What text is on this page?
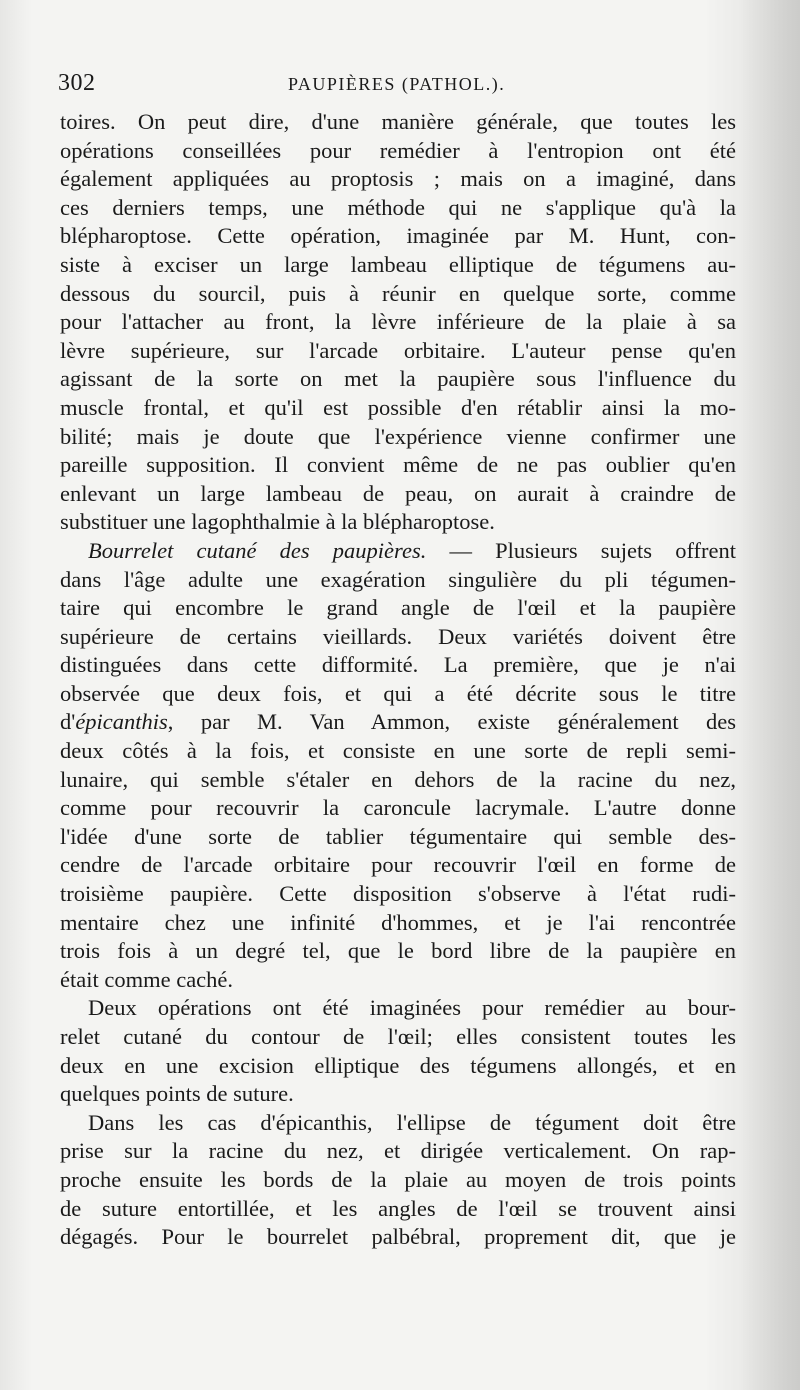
302	PAUPIÈRES (PATHOL.).
toires. On peut dire, d'une manière générale, que toutes les
opérations conseillées pour remédier à l'entropion ont été
également appliquées au proptosis ; mais on a imaginé, dans
ces derniers temps, une méthode qui ne s'applique qu'à la
blépharoptose. Cette opération, imaginée par M. Hunt, con-
siste à exciser un large lambeau elliptique de tégumens au-
dessous du sourcil, puis à réunir en quelque sorte, comme
pour l'attacher au front, la lèvre inférieure de la plaie à sa
lèvre supérieure, sur l'arcade orbitaire. L'auteur pense qu'en
agissant de la sorte on met la paupière sous l'influence du
muscle frontal, et qu'il est possible d'en rétablir ainsi la mo-
bilité; mais je doute que l'expérience vienne confirmer une
pareille supposition. Il convient même de ne pas oublier qu'en
enlevant un large lambeau de peau, on aurait à craindre de
substituer une lagophthalmie à la blépharoptose.
Bourrelet cutané des paupières. — Plusieurs sujets offrent
dans l'âge adulte une exagération singulière du pli tégumen-
taire qui encombre le grand angle de l'œil et la paupière
supérieure de certains vieillards. Deux variétés doivent être
distinguées dans cette difformité. La première, que je n'ai
observée que deux fois, et qui a été décrite sous le titre
d'épicanthis, par M. Van Ammon, existe généralement des
deux côtés à la fois, et consiste en une sorte de repli semi-
lunaire, qui semble s'étaler en dehors de la racine du nez,
comme pour recouvrir la caroncule lacrymale. L'autre donne
l'idée d'une sorte de tablier tégumentaire qui semble des-
cendre de l'arcade orbitaire pour recouvrir l'œil en forme de
troisième paupière. Cette disposition s'observe à l'état rudi-
mentaire chez une infinité d'hommes, et je l'ai rencontrée
trois fois à un degré tel, que le bord libre de la paupière en
était comme caché.
Deux opérations ont été imaginées pour remédier au bour-
relet cutané du contour de l'œil; elles consistent toutes les
deux en une excision elliptique des tégumens allongés, et en
quelques points de suture.
Dans les cas d'épicanthis, l'ellipse de tégument doit être
prise sur la racine du nez, et dirigée verticalement. On rap-
proche ensuite les bords de la plaie au moyen de trois points
de suture entortillée, et les angles de l'œil se trouvent ainsi
dégagés. Pour le bourrelet palbébral, proprement dit, que je
